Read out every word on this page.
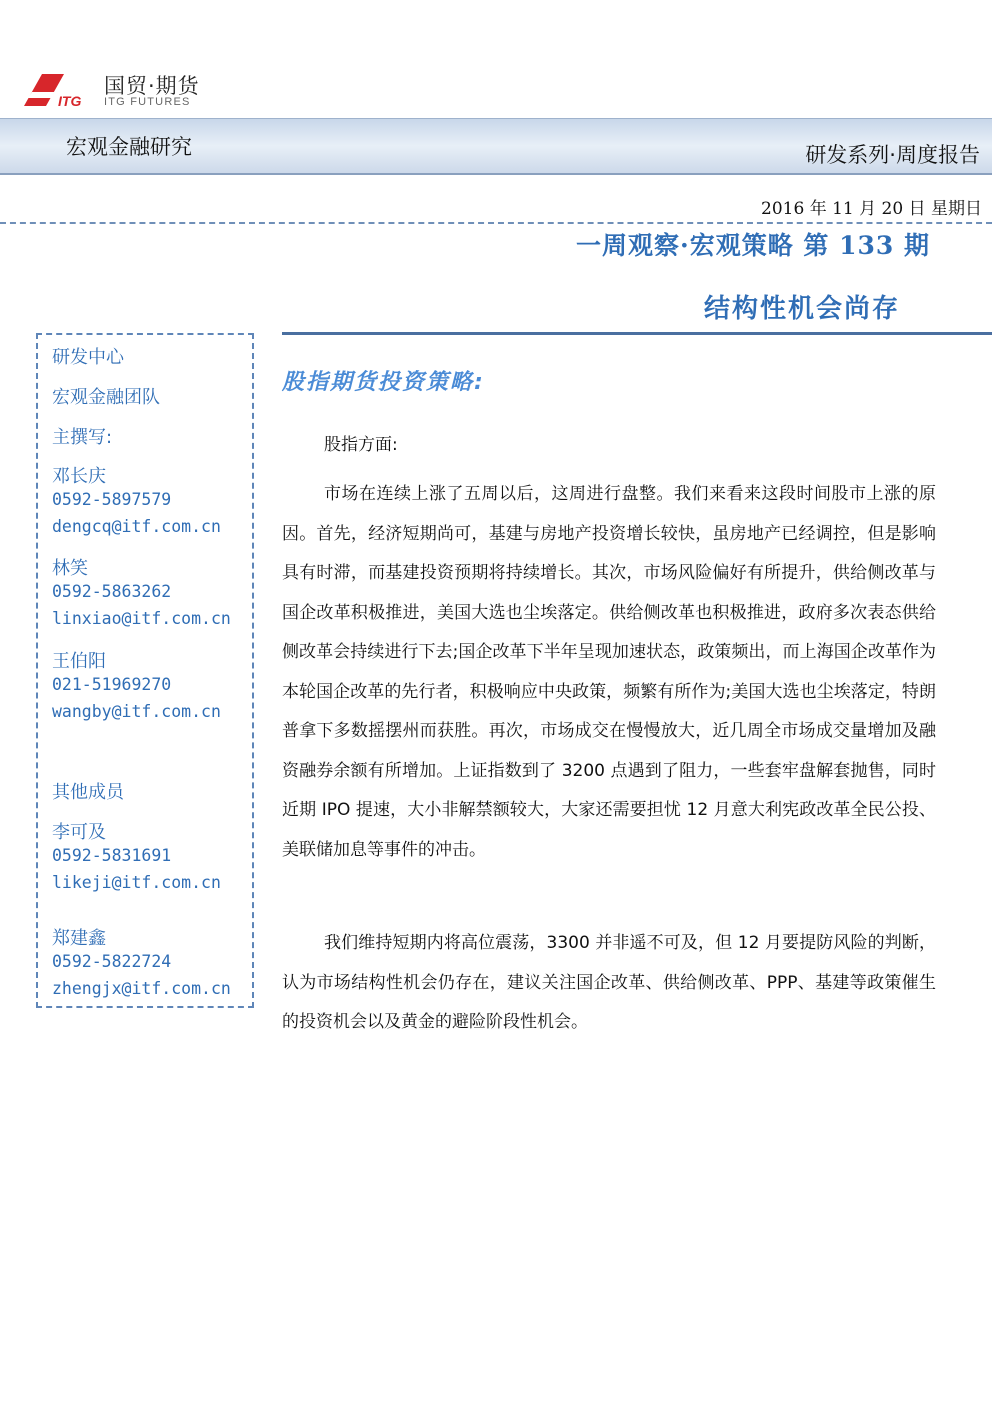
ITG
国贸·期货
ITG FUTURES
宏观金融研究	研发系列·周度报告
2016 年 11 月 20 日 星期日
一周观察·宏观策略 第 133 期
结构性机会尚存
研发中心
宏观金融团队
主撰写:
邓长庆
0592-5897579
dengcq@itf.com.cn
林笑
0592-5863262
linxiao@itf.com.cn
王伯阳
021-51969270
wangby@itf.com.cn
其他成员
李可及
0592-5831691
likeji@itf.com.cn
郑建鑫
0592-5822724
zhengjx@itf.com.cn
股指期货投资策略:
股指方面:

市场在连续上涨了五周以后，这周进行盘整。我们来看来这段时间股市上涨的原因。首先，经济短期尚可，基建与房地产投资增长较快，虽房地产已经调控，但是影响具有时滞，而基建投资预期将持续增长。其次，市场风险偏好有所提升，供给侧改革与国企改革积极推进，美国大选也尘埃落定。供给侧改革也积极推进，政府多次表态供给侧改革会持续进行下去;国企改革下半年呈现加速状态，政策频出，而上海国企改革作为本轮国企改革的先行者，积极响应中央政策，频繁有所作为;美国大选也尘埃落定，特朗普拿下多数摇摆州而获胜。再次，市场成交在慢慢放大，近几周全市场成交量增加及融资融券余额有所增加。上证指数到了 3200 点遇到了阻力，一些套牢盘解套抛售，同时近期 IPO 提速，大小非解禁额较大，大家还需要担忧 12 月意大利宪政改革全民公投、美联储加息等事件的冲击。

我们维持短期内将高位震荡，3300 并非遥不可及，但 12 月要提防风险的判断，认为市场结构性机会仍存在，建议关注国企改革、供给侧改革、PPP、基建等政策催生的投资机会以及黄金的避险阶段性机会。
